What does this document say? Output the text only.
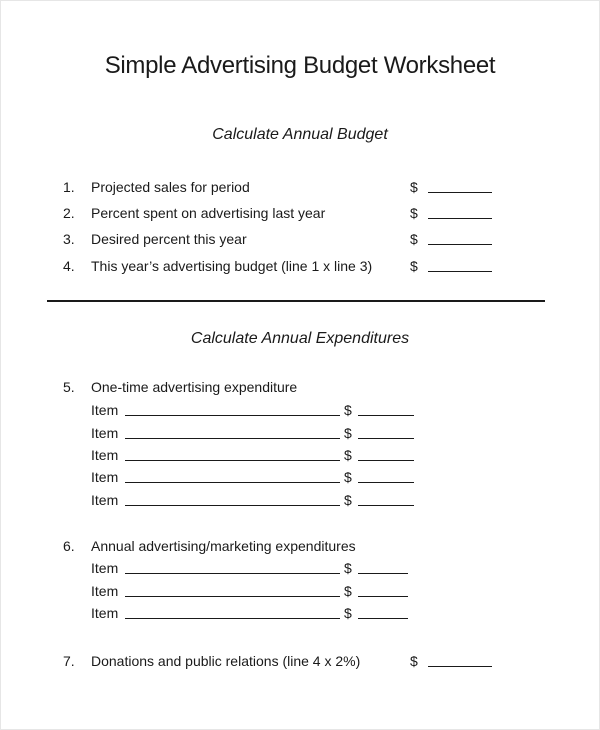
Simple Advertising Budget Worksheet
Calculate Annual Budget
1. Projected sales for period	$
2. Percent spent on advertising last year	$
3. Desired percent this year	$
4. This year’s advertising budget (line 1 x line 3)	$
Calculate Annual Expenditures
5. One-time advertising expenditure
Item	$
Item	$
Item	$
Item	$
Item	$
6. Annual advertising/marketing expenditures
Item	$
Item	$
Item	$
7. Donations and public relations (line 4 x 2%)	$
